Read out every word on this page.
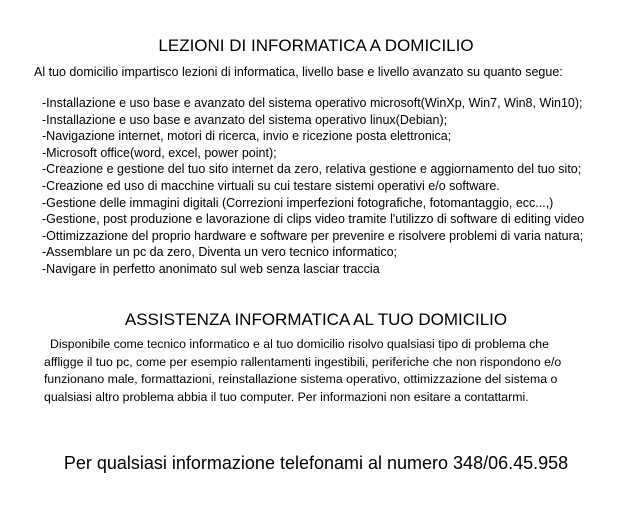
LEZIONI DI INFORMATICA A DOMICILIO

Al tuo domicilio impartisco lezioni di informatica, livello base e livello avanzato su quanto segue:

-Installazione e uso base e avanzato del sistema operativo microsoft(WinXp, Win7, Win8, Win10);
-Installazione e uso base e avanzato del sistema operativo linux(Debian);
-Navigazione internet, motori di ricerca, invio e ricezione posta elettronica;
-Microsoft office(word, excel, power point);
-Creazione e gestione del tuo sito internet da zero, relativa gestione e aggiornamento del tuo sito;
-Creazione ed uso di macchine virtuali su cui testare sistemi operativi e/o software.
-Gestione delle immagini digitali (Correzioni imperfezioni fotografiche, fotomantaggio, ecc...,)
-Gestione, post produzione e lavorazione di clips video tramite l'utilizzo di software di editing video
-Ottimizzazione del proprio hardware e software per prevenire e risolvere problemi di varia natura;
-Assemblare un pc da zero, Diventa un vero tecnico informatico;
-Navigare in perfetto anonimato sul web senza lasciar traccia
ASSISTENZA INFORMATICA AL TUO DOMICILIO

Disponibile come tecnico informatico e al tuo domicilio risolvo qualsiasi tipo di problema che
affligge il tuo pc, come per esempio rallentamenti ingestibili, periferiche che non rispondono e/o
funzionano male, formattazioni, reinstallazione sistema operativo, ottimizzazione del sistema o
qualsiasi altro problema abbia il tuo computer. Per informazioni non esitare a contattarmi.

Per qualsiasi informazione telefonami al numero 348/06.45.958
